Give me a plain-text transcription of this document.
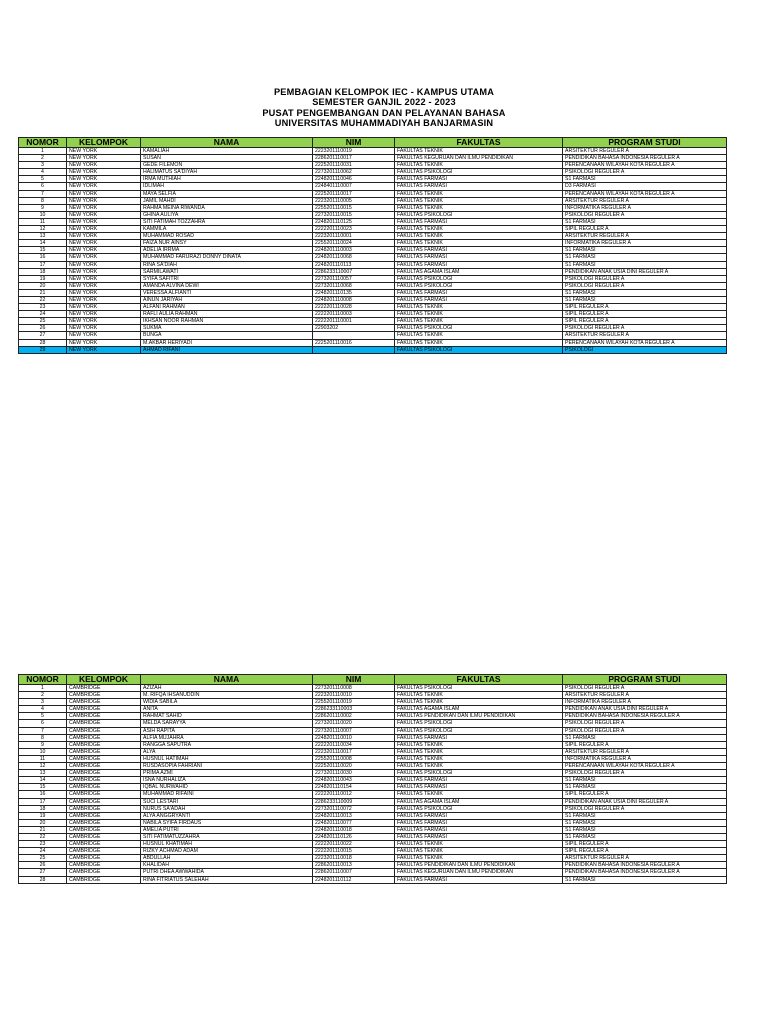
PEMBAGIAN KELOMPOK IEC - KAMPUS UTAMA
SEMESTER GANJIL 2022 - 2023
PUSAT PENGEMBANGAN DAN PELAYANAN BAHASA
UNIVERSITAS MUHAMMADIYAH BANJARMASIN
NOMOR	KELOMPOK	NAMA	NIM	FAKULTAS	PROGRAM STUDI
1	NEW YORK	KAMALIAH	2223201110019	FAKULTAS TEKNIK	ARSITEKTUR REGULER A
2	NEW YORK	SUSAN	2286201110017	FAKULTAS KEGURUAN DAN ILMU PENDIDIKAN	PENDIDIKAN BAHASA INDONESIA REGULER A
3	NEW YORK	GEDE FILEMON	2225201110031	FAKULTAS TEKNIK	PERENCANAAN WILAYAH KOTA REGULER A
4	NEW YORK	HALIMATUS SA'DIYAH	2273201110062	FAKULTAS PSIKOLOGI	PSIKOLOGI REGULER A
5	NEW YORK	IRMA MUTHIAH	2248201110046	FAKULTAS FARMASI	S1 FARMASI
6	NEW YORK	IDLIMAH	2248401110007	FAKULTAS FARMASI	D3 FARMASI
7	NEW YORK	MAYA SELFIA	2225201110017	FAKULTAS TEKNIK	PERENCANAAN WILAYAH KOTA REGULER A
8	NEW YORK	JAMIL MAHDI	2223201110005	FAKULTAS TEKNIK	ARSITEKTUR REGULER A
9	NEW YORK	RAHMA MEINA RIWANDA	2255201110015	FAKULTAS TEKNIK	INFORMATIKA REGULER A
10	NEW YORK	GHINA AULIYA	2273201110015	FAKULTAS PSIKOLOGI	PSIKOLOGI REGULER A
11	NEW YORK	SITI FATIMAH TOZZAHRA	2248201110125	FAKULTAS FARMASI	S1 FARMASI
12	NEW YORK	KAMMILA	2222201110023	FAKULTAS TEKNIK	SIPIL REGULER A
13	NEW YORK	MUHAMMAD ROSAD	2223201110001	FAKULTAS TEKNIK	ARSITEKTUR REGULER A
14	NEW YORK	FAIZA NUR AINSY	2255201110024	FAKULTAS TEKNIK	INFORMATIKA REGULER A
15	NEW YORK	ADELIA IRRMA	2248201110003	FAKULTAS FARMASI	S1 FARMASI
16	NEW YORK	MUHAMMAD FARURAZI DONNY DINATA	2248201110068	FAKULTAS FARMASI	S1 FARMASI
17	NEW YORK	RINA SA'DIAH	2248201110113	FAKULTAS FARMASI	S1 FARMASI
18	NEW YORK	SARMILAWATI	2286233110007	FAKULTAS AGAMA ISLAM	PENDIDIKAN ANAK USIA DINI REGULER A
19	NEW YORK	SYIFA SAFITRI	2273201110057	FAKULTAS PSIKOLOGI	PSIKOLOGI REGULER A
20	NEW YORK	AMANDA ALVINA DEWI	2273201110068	FAKULTAS PSIKOLOGI	PSIKOLOGI REGULER A
21	NEW YORK	VERESSA ALFIANTI	2248201110135	FAKULTAS FARMASI	S1 FARMASI
22	NEW YORK	AINUN JARIYAH	2248201110008	FAKULTAS FARMASI	S1 FARMASI
23	NEW YORK	ALFANI RAHMAN	2222201110028	FAKULTAS TEKNIK	SIPIL REGULER A
24	NEW YORK	RAFLI AULIA RAHMAN	2222201110003	FAKULTAS TEKNIK	SIPIL REGULER A
25	NEW YORK	IKHSAN NOOR RAHMAN	2222201110001	FAKULTAS TEKNIK	SIPIL REGULER A
26	NEW YORK	SUKMA	22903202	FAKULTAS PSIKOLOGI	PSIKOLOGI REGULER A
27	NEW YORK	BUNGA		FAKULTAS TEKNIK	ARSITEKTUR REGULER A
28	NEW YORK	M.AKBAR HERIYADI	2225201110016	FAKULTAS TEKNIK	PERENCANAAN WILAYAH KOTA REGULER A
29	NEW YORK	AHMAD RIFANI		FAKULTAS PSIKOLOGI	PSIKOLOGI
NOMOR	KELOMPOK	NAMA	NIM	FAKULTAS	PROGRAM STUDI
1	CAMBRIDGE	AZIZAH	2273201110008	FAKULTAS PSIKOLOGI	PSIKOLOGI REGULER A
2	CAMBRIDGE	M. RIFQA IHSANUDDIN	2223201110010	FAKULTAS TEKNIK	ARSITEKTUR REGULER A
3	CAMBRIDGE	WIDIA SABILA	2255201110019	FAKULTAS TEKNIK	INFORMATIKA REGULER A
4	CAMBRIDGE	ANITA	2286233110003	FAKULTAS AGAMA ISLAM	PENDIDIKAN ANAK USIA DINI REGULER A
5	CAMBRIDGE	RAHMAT SAHID	2286201110002	FAKULTAS PENDIDIKAN DAN ILMU PENDIDIKAN	PENDIDIKAN BAHASA INDONESIA REGULER A
6	CAMBRIDGE	MELDA SARAYYA	2273201110020	FAKULTAS PSIKOLOGI	PSIKOLOGI REGULER A
7	CAMBRIDGE	ASIH RAPITA	2273201110007	FAKULTAS PSIKOLOGI	PSIKOLOGI REGULER A
8	CAMBRIDGE	ALFIA MUJAHRA	2248201110010	FAKULTAS FARMASI	S1 FARMASI
9	CAMBRIDGE	RANGGA SAPUTRA	2222201110034	FAKULTAS TEKNIK	SIPIL REGULER A
10	CAMBRIDGE	ALYA	2223201110017	FAKULTAS TEKNIK	ARSITEKTUR REGULER A
11	CAMBRIDGE	HUSNUL HATIMAH	2255201110008	FAKULTAS TEKNIK	INFORMATIKA REGULER A
12	CAMBRIDGE	RUSDASOPIA FAHRIANI	2225201110020	FAKULTAS TEKNIK	PERENCANAAN WILAYAH KOTA REGULER A
13	CAMBRIDGE	PRIMA AZMI	2273201110030	FAKULTAS PSIKOLOGI	PSIKOLOGI REGULER A
14	CAMBRIDGE	ISNA NURHALIZA	2248201110043	FAKULTAS FARMASI	S1 FARMASI
15	CAMBRIDGE	IQBAL NURWAHID	2248201110154	FAKULTAS FARMASI	S1 FARMASI
16	CAMBRIDGE	MUHAMMAD RIFAINI	2222201110012	FAKULTAS TEKNIK	SIPIL REGULER A
17	CAMBRIDGE	SUCI LESTARI	2286233110009	FAKULTAS AGAMA ISLAM	PENDIDIKAN ANAK USIA DINI REGULER A
18	CAMBRIDGE	NURUS SA'ADAH	2273201110072	FAKULTAS PSIKOLOGI	PSIKOLOGI REGULER A
19	CAMBRIDGE	ALYA ANGGRYANTI	2248201110013	FAKULTAS FARMASI	S1 FARMASI
20	CAMBRIDGE	NABILA SYIFA FIRDAUS	2248201110077	FAKULTAS FARMASI	S1 FARMASI
21	CAMBRIDGE	AMELIA PUTRI	2248201110018	FAKULTAS FARMASI	S1 FARMASI
22	CAMBRIDGE	SITI FATIMATUZZAHRA	2248201110126	FAKULTAS FARMASI	S1 FARMASI
23	CAMBRIDGE	HUSNUL KHATIMAH	2222201110022	FAKULTAS TEKNIK	SIPIL REGULER A
24	CAMBRIDGE	RIZKY ACHMAD ADAM	2222201110015	FAKULTAS TEKNIK	SIPIL REGULER A
25	CAMBRIDGE	ABDULLAH	2223201110018	FAKULTAS TEKNIK	ARSITEKTUR REGULER A
26	CAMBRIDGE	KHALIDAH	2286201110013	FAKULTAS PENDIDIKAN DAN ILMU PENDIDIKAN	PENDIDIKAN BAHASA INDONESIA REGULER A
27	CAMBRIDGE	PUTRI DHEA AWWAHIDA	2286201110007	FAKULTAS KEGURUAN DAN ILMU PENDIDIKAN	PENDIDIKAN BAHASA INDONESIA REGULER A
28	CAMBRIDGE	RINA FITRIATUS SALEHAH	2248201110112	FAKULTAS FARMASI	S1 FARMASI
